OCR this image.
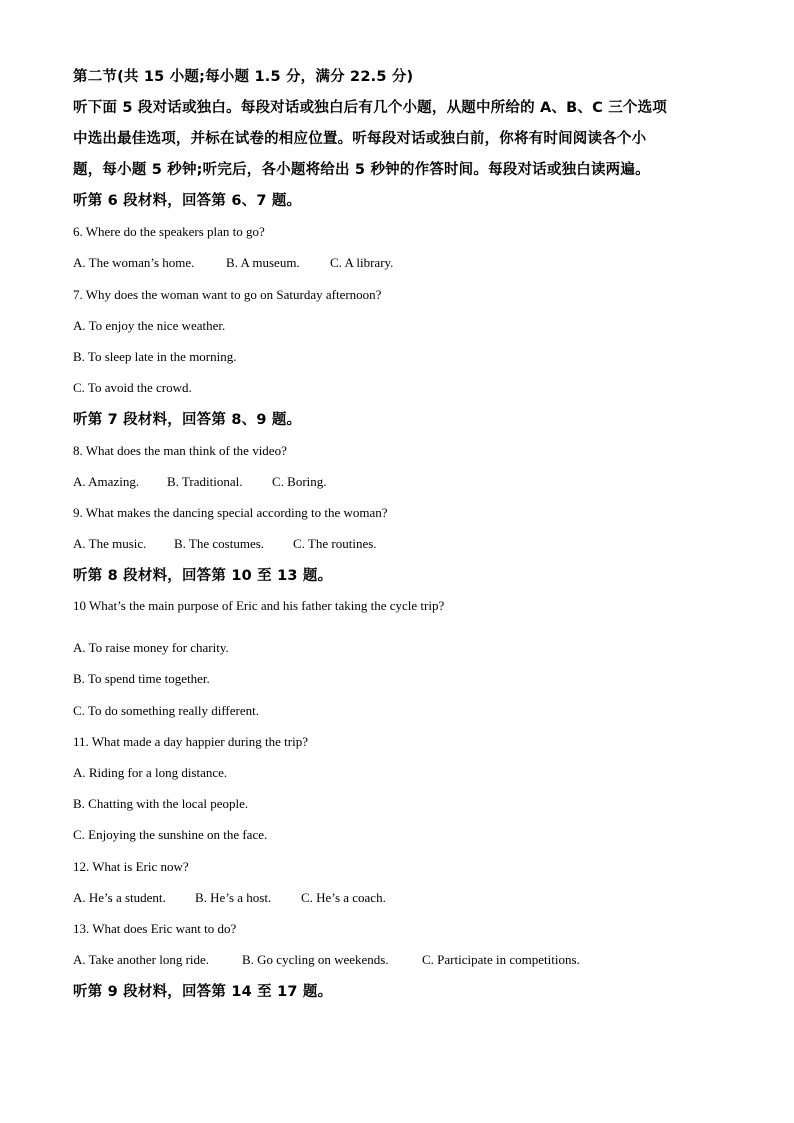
第二节(共 15 小题;每小题 1.5 分，满分 22.5 分)
听下面 5 段对话或独白。每段对话或独白后有几个小题，从题中所给的 A、B、C 三个选项
中选出最佳选项，并标在试卷的相应位置。听每段对话或独白前，你将有时间阅读各个小
题，每小题 5 秒钟;听完后，各小题将给出 5 秒钟的作答时间。每段对话或独白读两遍。
听第 6 段材料，回答第 6、7 题。
6. Where do the speakers plan to go?
A. The woman’s home. B. A museum. C. A library.
7. Why does the woman want to go on Saturday afternoon?
A. To enjoy the nice weather.
B. To sleep late in the morning.
C. To avoid the crowd.
听第 7 段材料，回答第 8、9 题。
8. What does the man think of the video?
A. Amazing. B. Traditional. C. Boring.
9. What makes the dancing special according to the woman?
A. The music. B. The costumes. C. The routines.
听第 8 段材料，回答第 10 至 13 题。
10 What’s the main purpose of Eric and his father taking the cycle trip?
A. To raise money for charity.
B. To spend time together.
C. To do something really different.
11. What made a day happier during the trip?
A. Riding for a long distance.
B. Chatting with the local people.
C. Enjoying the sunshine on the face.
12. What is Eric now?
A. He’s a student. B. He’s a host. C. He’s a coach.
13. What does Eric want to do?
A. Take another long ride.	B. Go cycling on weekends.	C. Participate in competitions.
听第 9 段材料，回答第 14 至 17 题。
